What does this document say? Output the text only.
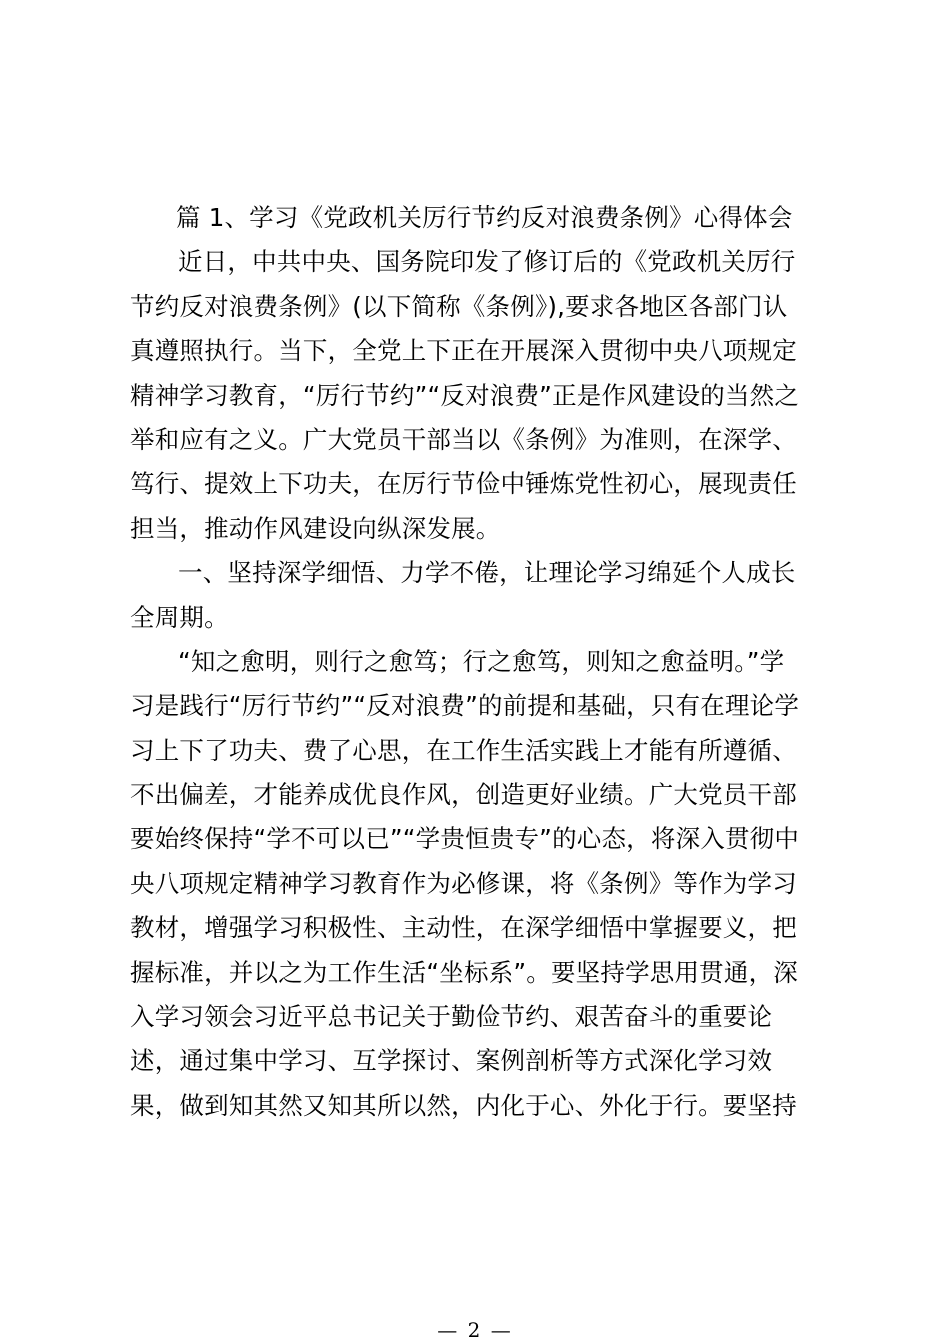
篇 1、学习《党政机关厉行节约反对浪费条例》心得体会
近日，中共中央、国务院印发了修订后的《党政机关厉行
节约反对浪费条例》(以下简称《条例》),要求各地区各部门认
真遵照执行。当下，全党上下正在开展深入贯彻中央八项规定
精神学习教育，“厉行节约”“反对浪费”正是作风建设的当然之
举和应有之义。广大党员干部当以《条例》为准则，在深学、
笃行、提效上下功夫，在厉行节俭中锤炼党性初心，展现责任
担当，推动作风建设向纵深发展。
一、坚持深学细悟、力学不倦，让理论学习绵延个人成长
全周期。
“知之愈明，则行之愈笃；行之愈笃，则知之愈益明。”学
习是践行“厉行节约”“反对浪费”的前提和基础，只有在理论学
习上下了功夫、费了心思，在工作生活实践上才能有所遵循、
不出偏差，才能养成优良作风，创造更好业绩。广大党员干部
要始终保持“学不可以已”“学贵恒贵专”的心态，将深入贯彻中
央八项规定精神学习教育作为必修课，将《条例》等作为学习
教材，增强学习积极性、主动性，在深学细悟中掌握要义，把
握标准，并以之为工作生活“坐标系”。要坚持学思用贯通，深
入学习领会习近平总书记关于勤俭节约、艰苦奋斗的重要论
述，通过集中学习、互学探讨、案例剖析等方式深化学习效
果，做到知其然又知其所以然，内化于心、外化于行。要坚持
— 2 —
